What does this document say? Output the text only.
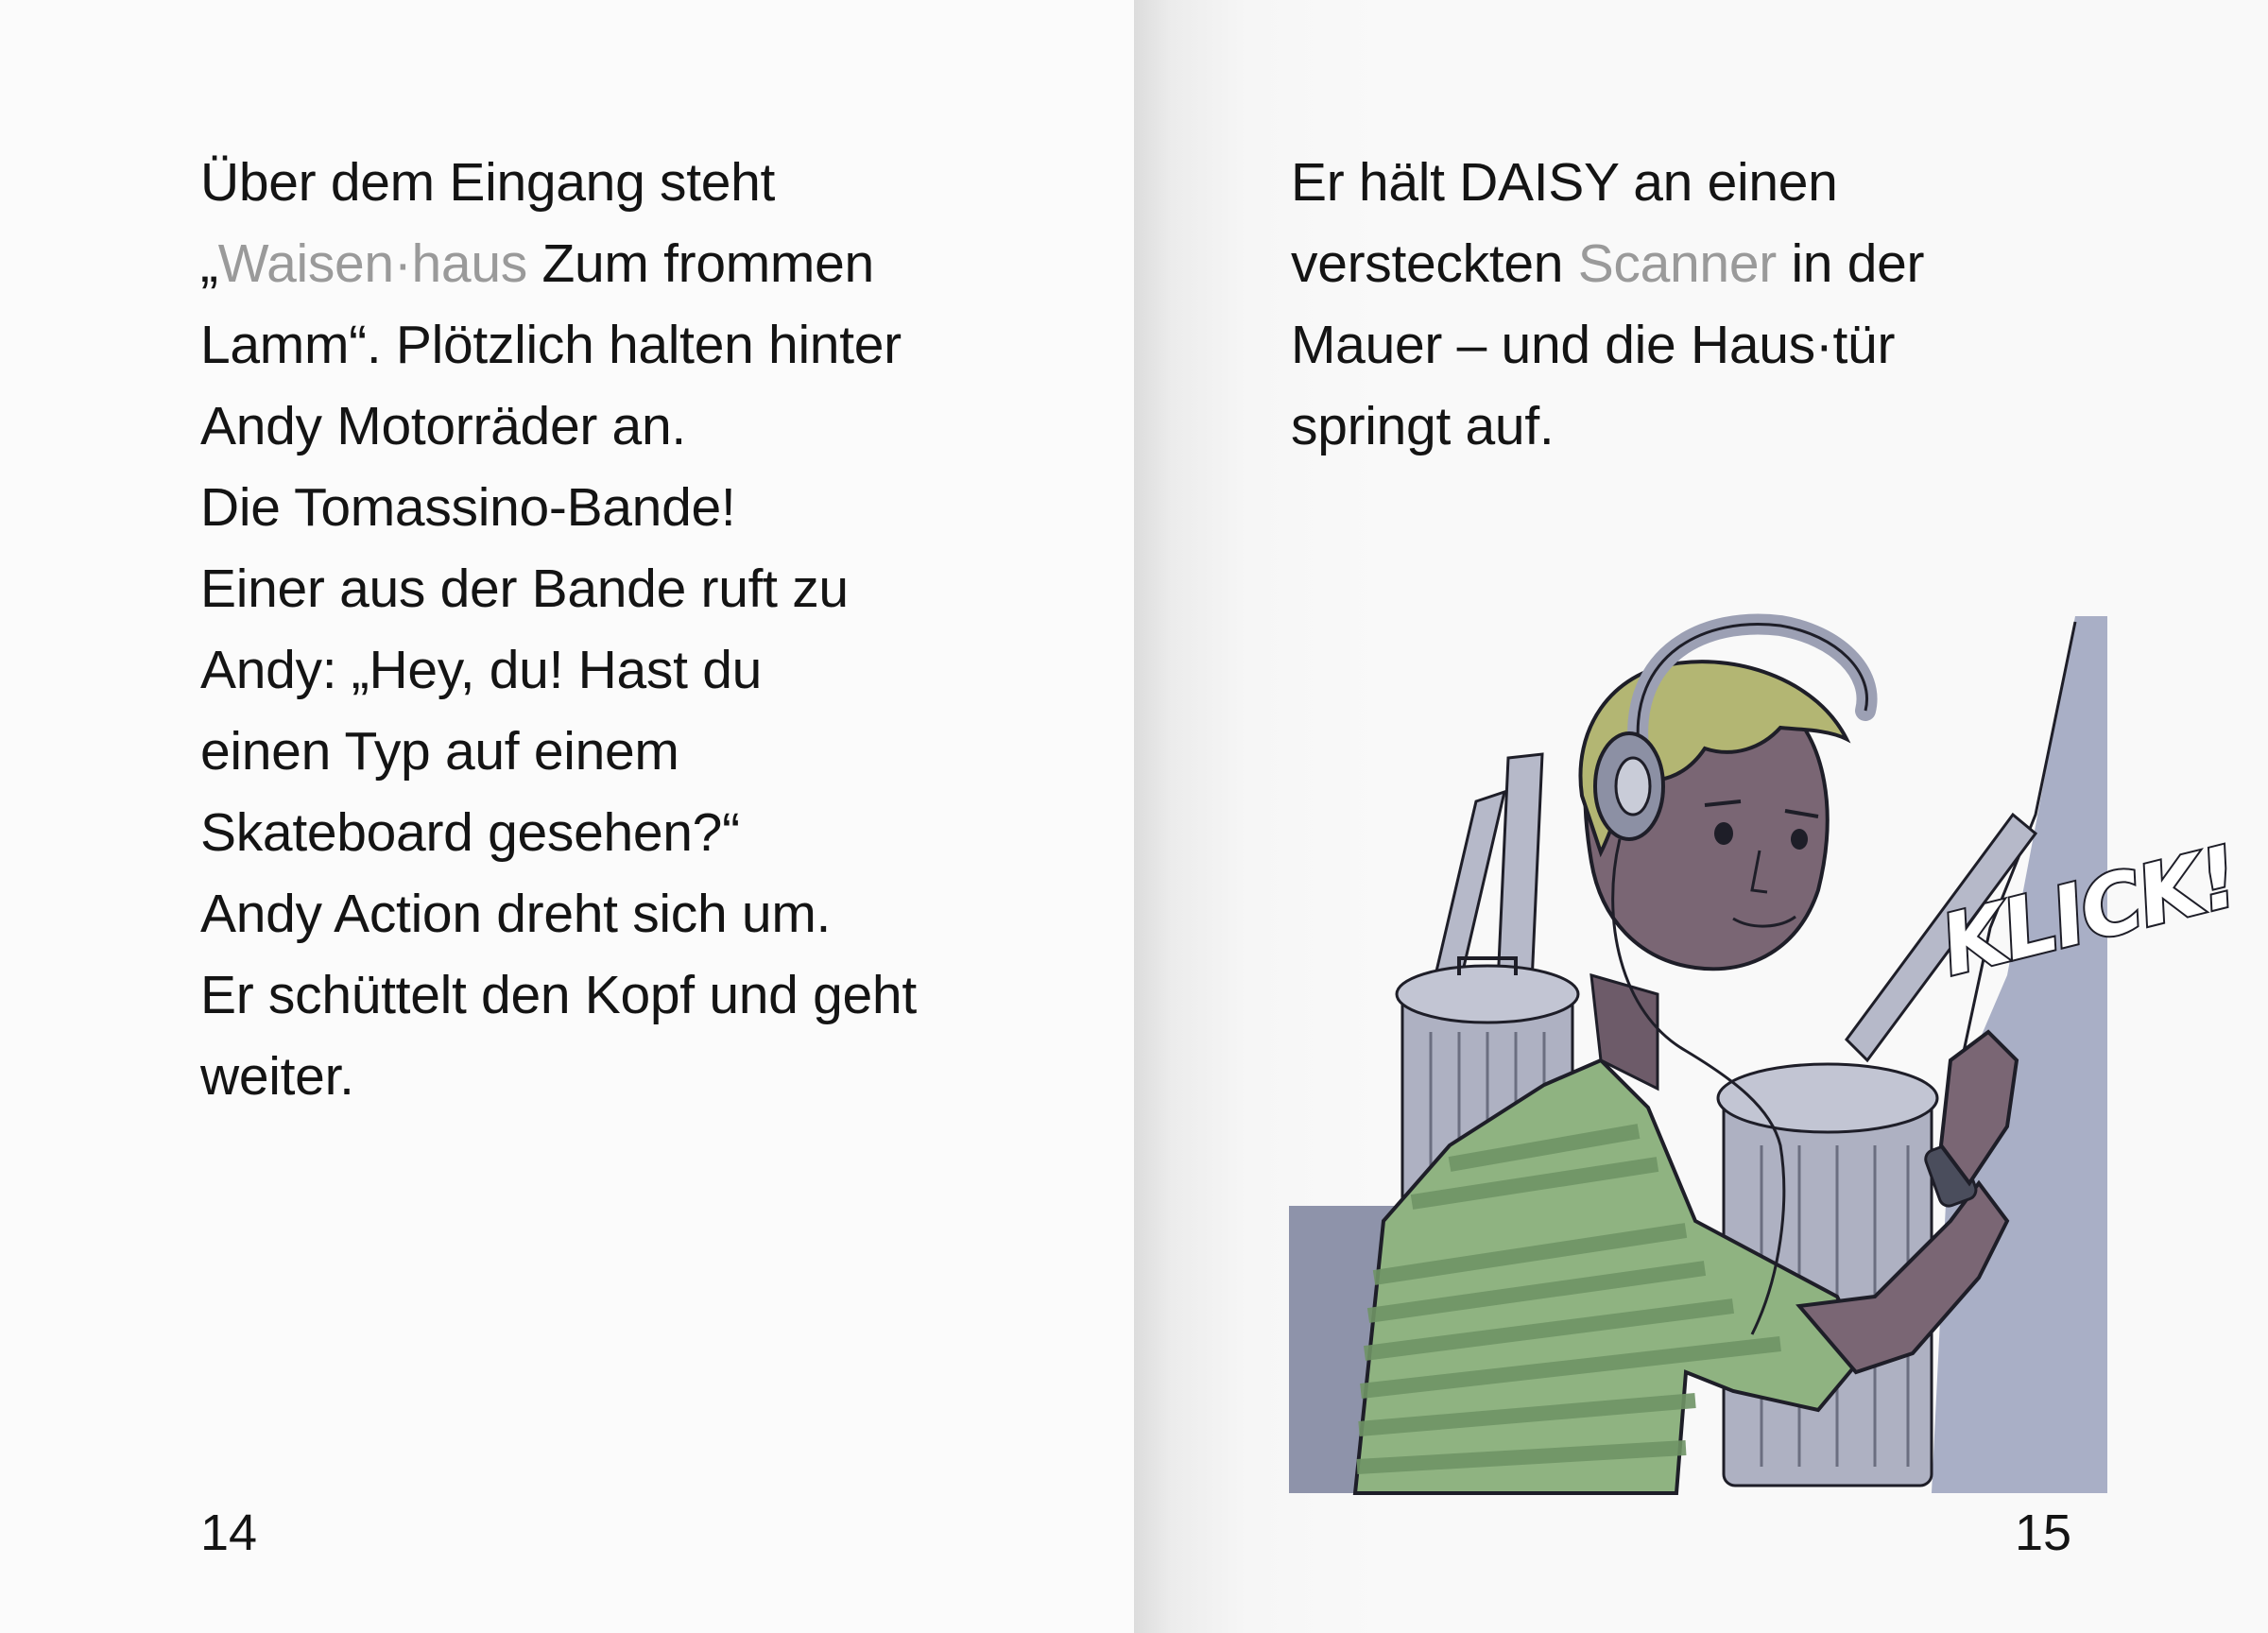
Über dem Eingang steht
„Waisen·haus Zum frommen
Lamm“. Plötzlich halten hinter
Andy Motorräder an.
Die Tomassino-Bande!
Einer aus der Bande ruft zu
Andy: „Hey, du! Hast du
einen Typ auf einem
Skateboard gesehen?“
Andy Action dreht sich um.
Er schüttelt den Kopf und geht
weiter.
14
Er hält DAISY an einen
versteckten Scanner in der
Mauer – und die Haus·tür
springt auf.
KLICK!
15
